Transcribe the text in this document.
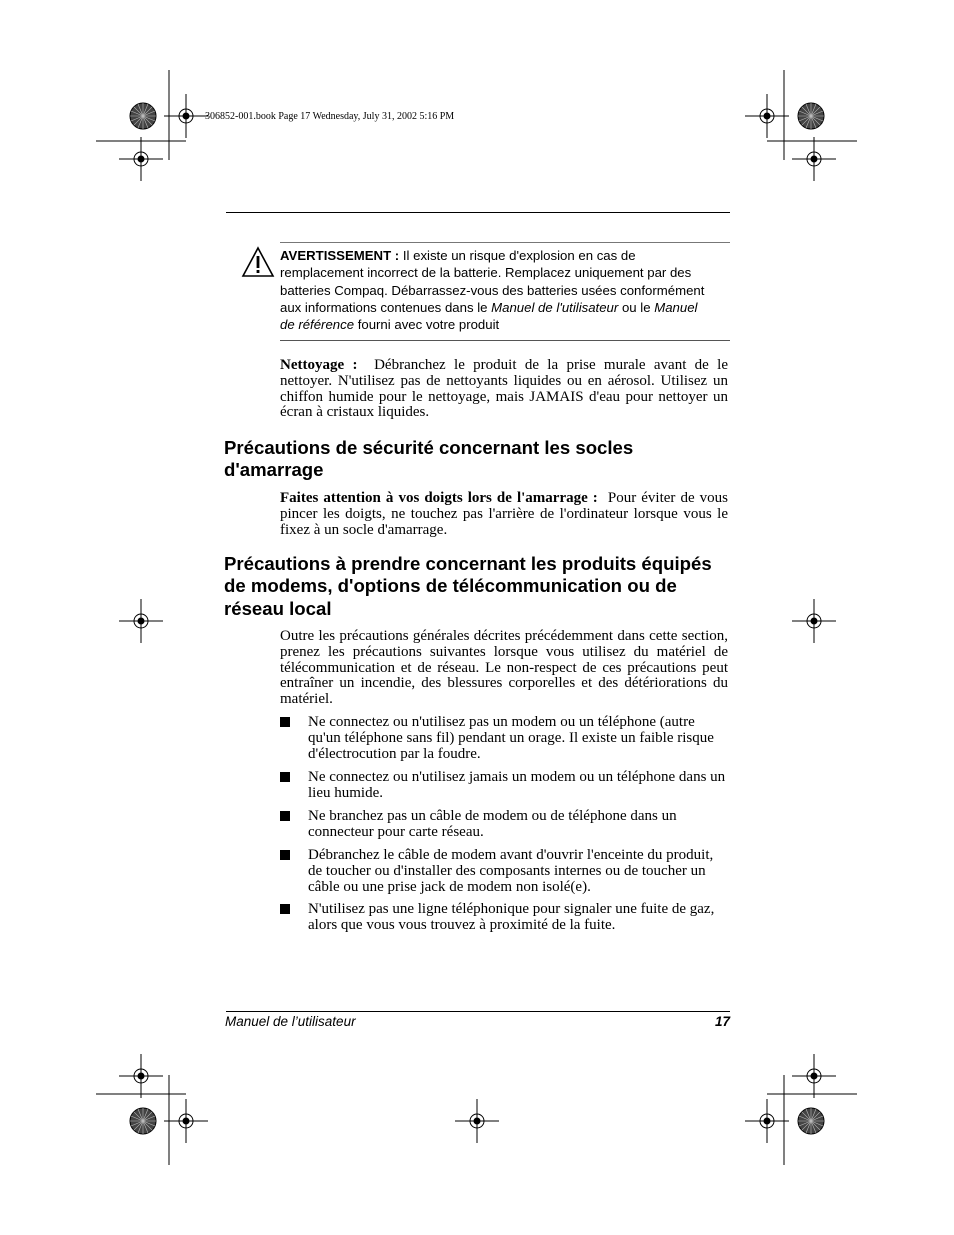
306852-001.book Page 17 Wednesday, July 31, 2002 5:16 PM
AVERTISSEMENT : Il existe un risque d'explosion en cas de remplacement incorrect de la batterie. Remplacez uniquement par des batteries Compaq. Débarrassez-vous des batteries usées conformément aux informations contenues dans le Manuel de l'utilisateur ou le Manuel de référence fourni avec votre produit
Nettoyage : Débranchez le produit de la prise murale avant de le nettoyer. N'utilisez pas de nettoyants liquides ou en aérosol. Utilisez un chiffon humide pour le nettoyage, mais JAMAIS d'eau pour nettoyer un écran à cristaux liquides.
Précautions de sécurité concernant les socles d'amarrage
Faites attention à vos doigts lors de l'amarrage : Pour éviter de vous pincer les doigts, ne touchez pas l'arrière de l'ordinateur lorsque vous le fixez à un socle d'amarrage.
Précautions à prendre concernant les produits équipés de modems, d'options de télécommunication ou de réseau local
Outre les précautions générales décrites précédemment dans cette section, prenez les précautions suivantes lorsque vous utilisez du matériel de télécommunication et de réseau. Le non-respect de ces précautions peut entraîner un incendie, des blessures corporelles et des détériorations du matériel.
Ne connectez ou n'utilisez pas un modem ou un téléphone (autre qu'un téléphone sans fil) pendant un orage. Il existe un faible risque d'électrocution par la foudre.
Ne connectez ou n'utilisez jamais un modem ou un téléphone dans un lieu humide.
Ne branchez pas un câble de modem ou de téléphone dans un connecteur pour carte réseau.
Débranchez le câble de modem avant d'ouvrir l'enceinte du produit, de toucher ou d'installer des composants internes ou de toucher un câble ou une prise jack de modem non isolé(e).
N'utilisez pas une ligne téléphonique pour signaler une fuite de gaz, alors que vous vous trouvez à proximité de la fuite.
Manuel de l’utilisateur	17
